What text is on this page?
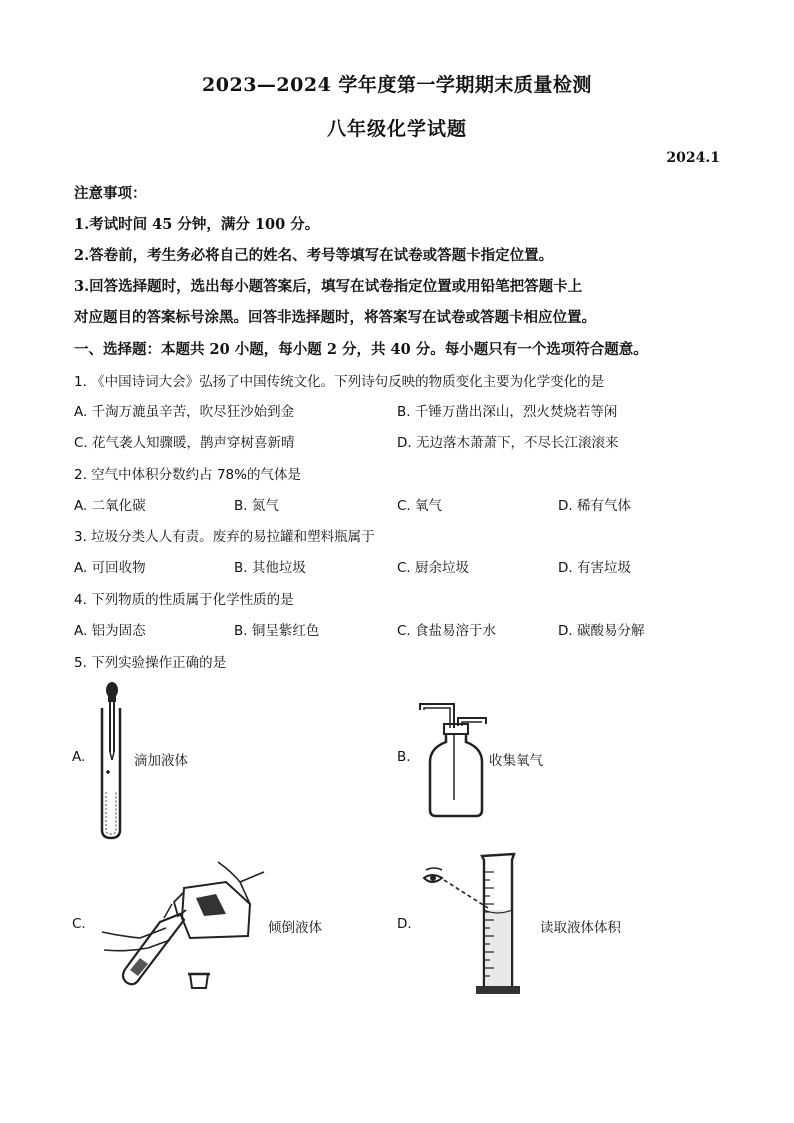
2023—2024 学年度第一学期期末质量检测
八年级化学试题
2024.1
注意事项：
1.考试时间 45 分钟，满分 100 分。
2.答卷前，考生务必将自己的姓名、考号等填写在试卷或答题卡指定位置。
3.回答选择题时，选出每小题答案后，填写在试卷指定位置或用铅笔把答题卡上
对应题目的答案标号涂黑。回答非选择题时，将答案写在试卷或答题卡相应位置。
一、选择题：本题共 20 小题，每小题 2 分，共 40 分。每小题只有一个选项符合题意。
1. 《中国诗词大会》弘扬了中国传统文化。下列诗句反映的物质变化主要为化学变化的是
A. 千淘万漉虽辛苦，吹尽狂沙始到金	B. 千锤万凿出深山，烈火焚烧若等闲
C. 花气袭人知骤暖，鹊声穿树喜新晴	D. 无边落木萧萧下，不尽长江滚滚来
2. 空气中体积分数约占 78%的气体是
A. 二氧化碳	B. 氮气	C. 氧气	D. 稀有气体
3. 垃圾分类人人有责。废弃的易拉罐和塑料瓶属于
A. 可回收物	B. 其他垃圾	C. 厨余垃圾	D. 有害垃圾
4. 下列物质的性质属于化学性质的是
A. 铝为固态	B. 铜呈紫红色	C. 食盐易溶于水	D. 碳酸易分解
5. 下列实验操作正确的是
A.	滴加液体	B.	收集氧气
C.	倾倒液体	D.	读取液体体积
